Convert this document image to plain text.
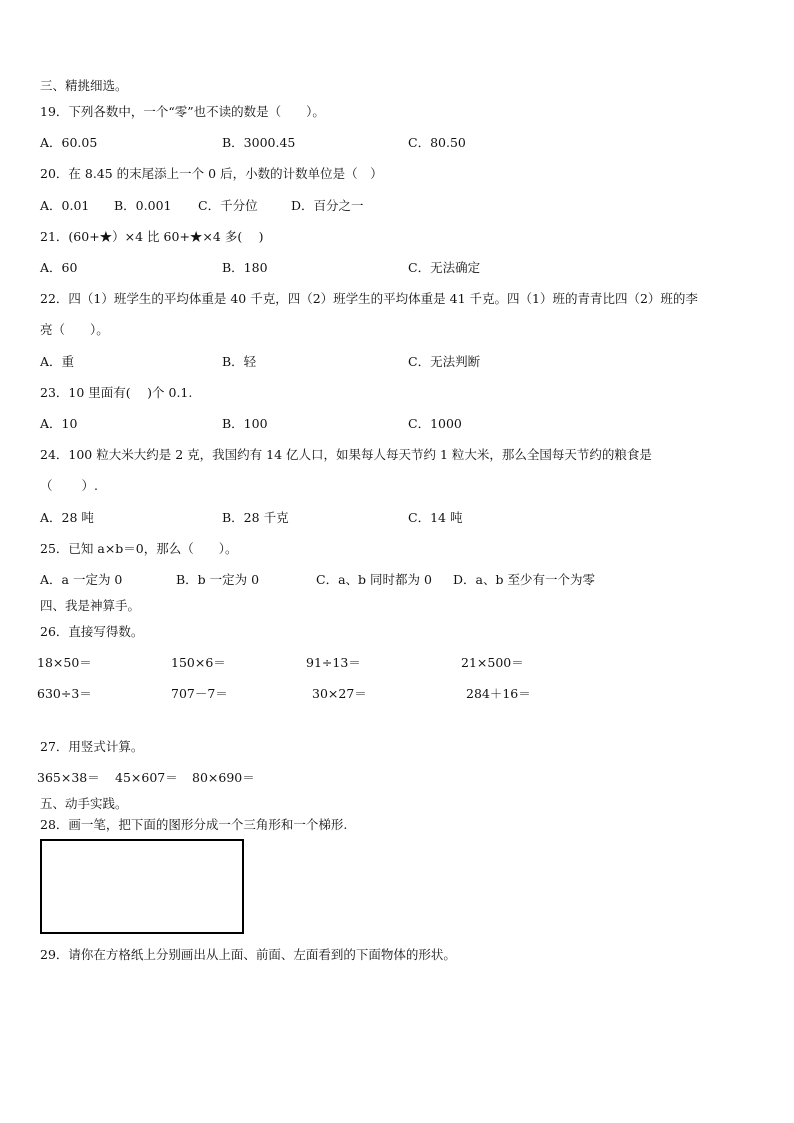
三、精挑细选。
19．下列各数中，一个“零”也不读的数是（　　）。
A．60.05	B．3000.45	C．80.50
20．在 8.45 的末尾添上一个 0 后，小数的计数单位是（　）
A．0.01 B．0.001 C．千分位	D．百分之一
21．(60+★）×4 比 60+★×4 多(　 )
A．60	B．180	C．无法确定
22．四（1）班学生的平均体重是 40 千克，四（2）班学生的平均体重是 41 千克。四（1）班的青青比四（2）班的李
亮（　　）。
A．重	B．轻	C．无法判断
23．10 里面有(　 )个 0.1.
A．10	B．100	C．1000
24．100 粒大米大约是 2 克，我国约有 14 亿人口，如果每人每天节约 1 粒大米，那么全国每天节约的粮食是
（　　 ）.
A．28 吨	B．28 千克	C．14 吨
25．已知 a×b＝0，那么（　　）。
A．a 一定为 0	B．b 一定为 0	C．a、b 同时都为 0 D．a、b 至少有一个为零
四、我是神算手。
26．直接写得数。
18×50＝	150×6＝	91÷13＝	21×500＝
630÷3＝	707－7＝	30×27＝	284＋16＝
27．用竖式计算。
365×38＝ 45×607＝ 80×690＝
五、动手实践。
28．画一笔，把下面的图形分成一个三角形和一个梯形.
29．请你在方格纸上分别画出从上面、前面、左面看到的下面物体的形状。
